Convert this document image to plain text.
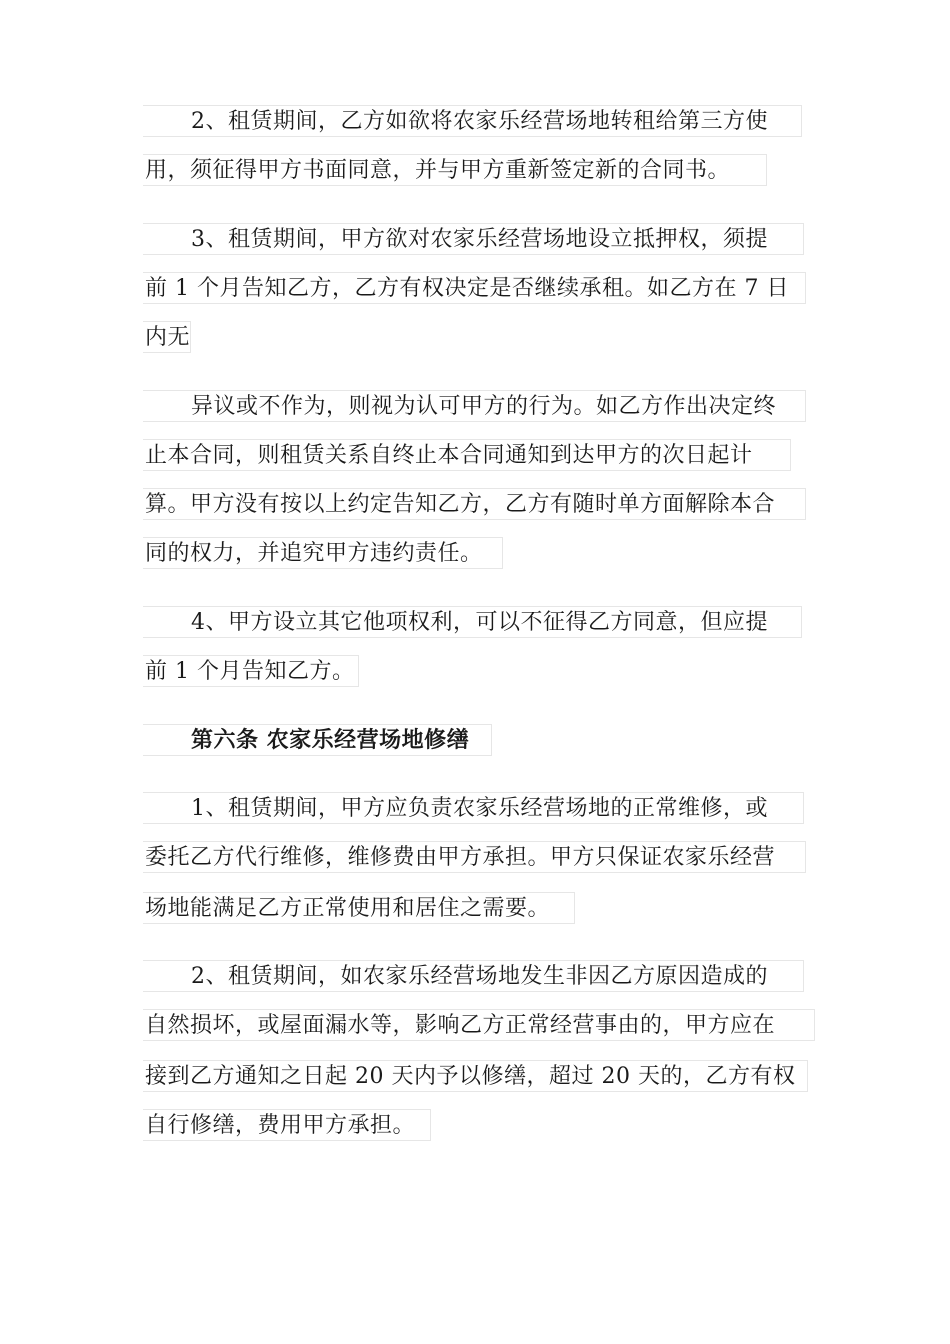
2、租赁期间，乙方如欲将农家乐经营场地转租给第三方使
用，须征得甲方书面同意，并与甲方重新签定新的合同书。
3、租赁期间，甲方欲对农家乐经营场地设立抵押权，须提
前 1 个月告知乙方，乙方有权决定是否继续承租。如乙方在 7 日
内无
异议或不作为，则视为认可甲方的行为。如乙方作出决定终
止本合同，则租赁关系自终止本合同通知到达甲方的次日起计
算。甲方没有按以上约定告知乙方，乙方有随时单方面解除本合
同的权力，并追究甲方违约责任。
4、甲方设立其它他项权利，可以不征得乙方同意，但应提
前 1 个月告知乙方。
第六条 农家乐经营场地修缮
1、租赁期间，甲方应负责农家乐经营场地的正常维修，或
委托乙方代行维修，维修费由甲方承担。甲方只保证农家乐经营
场地能满足乙方正常使用和居住之需要。
2、租赁期间，如农家乐经营场地发生非因乙方原因造成的
自然损坏，或屋面漏水等，影响乙方正常经营事由的，甲方应在
接到乙方通知之日起 20 天内予以修缮，超过 20 天的，乙方有权
自行修缮，费用甲方承担。
